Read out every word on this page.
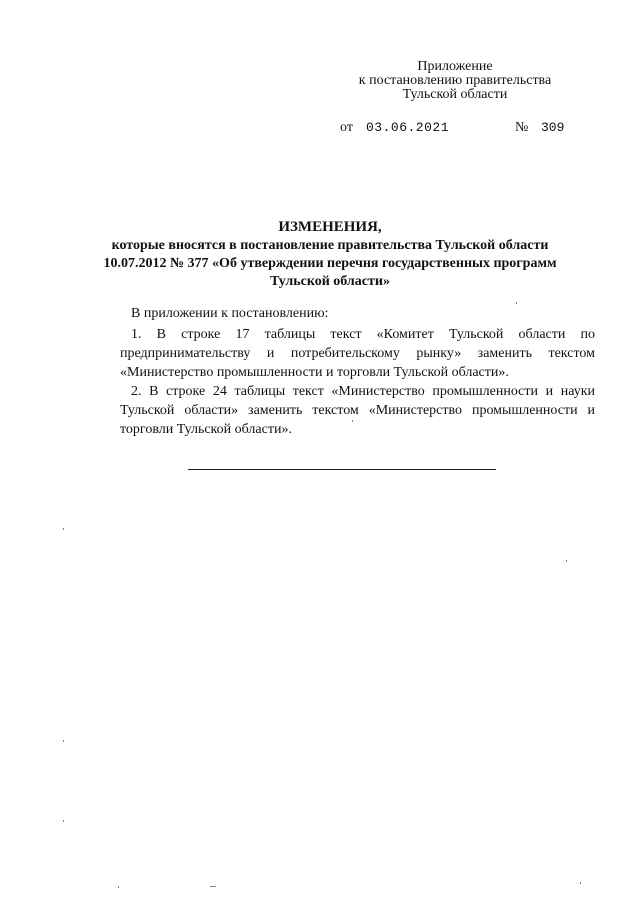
Приложение
к постановлению правительства
Тульской области
от 03.06.2021	№ 309
ИЗМЕНЕНИЯ,
которые вносятся в постановление правительства Тульской области
10.07.2012 № 377 «Об утверждении перечня государственных программ
Тульской области»

В приложении к постановлению:

1. В строке 17 таблицы текст «Комитет Тульской области по предпринимательству и потребительскому рынку» заменить текстом «Министерство промышленности и торговли Тульской области».

2. В строке 24 таблицы текст «Министерство промышленности и науки Тульской области» заменить текстом «Министерство промышленности и торговли Тульской области».
